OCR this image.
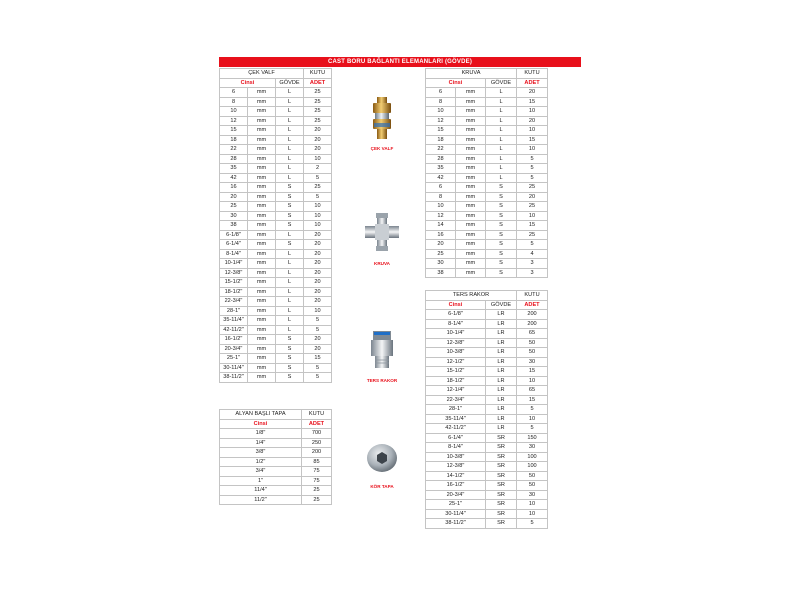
CAST BORU BAĞLANTI ELEMANLARI (GÖVDE)
ÇEK VALF			KUTU
Cinsi		GÖVDE	ADET
6	mm	L	25
8	mm	L	25
10	mm	L	25
12	mm	L	25
15	mm	L	20
18	mm	L	20
22	mm	L	20
28	mm	L	10
35	mm	L	2
42	mm	L	5
16	mm	S	25
20	mm	S	5
25	mm	S	10
30	mm	S	10
38	mm	S	10
6-1/8"	mm	L	20
6-1/4"	mm	S	20
8-1/4"	mm	L	20
10-1/4"	mm	L	20
12-3/8"	mm	L	20
15-1/2"	mm	L	20
18-1/2"	mm	L	20
22-3/4"	mm	L	20
28-1"	mm	L	10
35-11/4"	mm	L	5
42-11/2"	mm	L	5
16-1/2"	mm	S	20
20-3/4"	mm	S	20
25-1"	mm	S	15
30-11/4"	mm	S	5
38-11/2"	mm	S	5
KRUVA			KUTU
Cinsi		GÖVDE	ADET
6	mm	L	20
8	mm	L	15
10	mm	L	10
12	mm	L	20
15	mm	L	10
18	mm	L	15
22	mm	L	10
28	mm	L	5
35	mm	L	5
42	mm	L	5
6	mm	S	25
8	mm	S	20
10	mm	S	25
12	mm	S	10
14	mm	S	15
16	mm	S	25
20	mm	S	5
25	mm	S	4
30	mm	S	3
38	mm	S	3
TERS RAKOR		KUTU
Cinsi	GÖVDE	ADET
6-1/8"	LR	200
8-1/4"	LR	200
10-1/4"	LR	65
12-3/8"	LR	50
10-3/8"	LR	50
12-1/2"	LR	30
15-1/2"	LR	15
18-1/2"	LR	10
12-1/4"	LR	65
22-3/4"	LR	15
28-1"	LR	5
35-11/4"	LR	10
42-11/2"	LR	5
6-1/4"	SR	150
8-1/4"	SR	30
10-3/8"	SR	100
12-3/8"	SR	100
14-1/2"	SR	50
16-1/2"	SR	50
20-3/4"	SR	30
25-1"	SR	10
30-11/4"	SR	10
38-11/2"	SR	5
ALYAN BAŞLI TAPA	KUTU
Cinsi	ADET
1/8"	700
1/4"	250
3/8"	200
1/2"	85
3/4"	75
1"	75
11/4"	25
11/2"	25
ÇEK VALF
KRUVA
TERS RAKOR
KÖR TAPA
